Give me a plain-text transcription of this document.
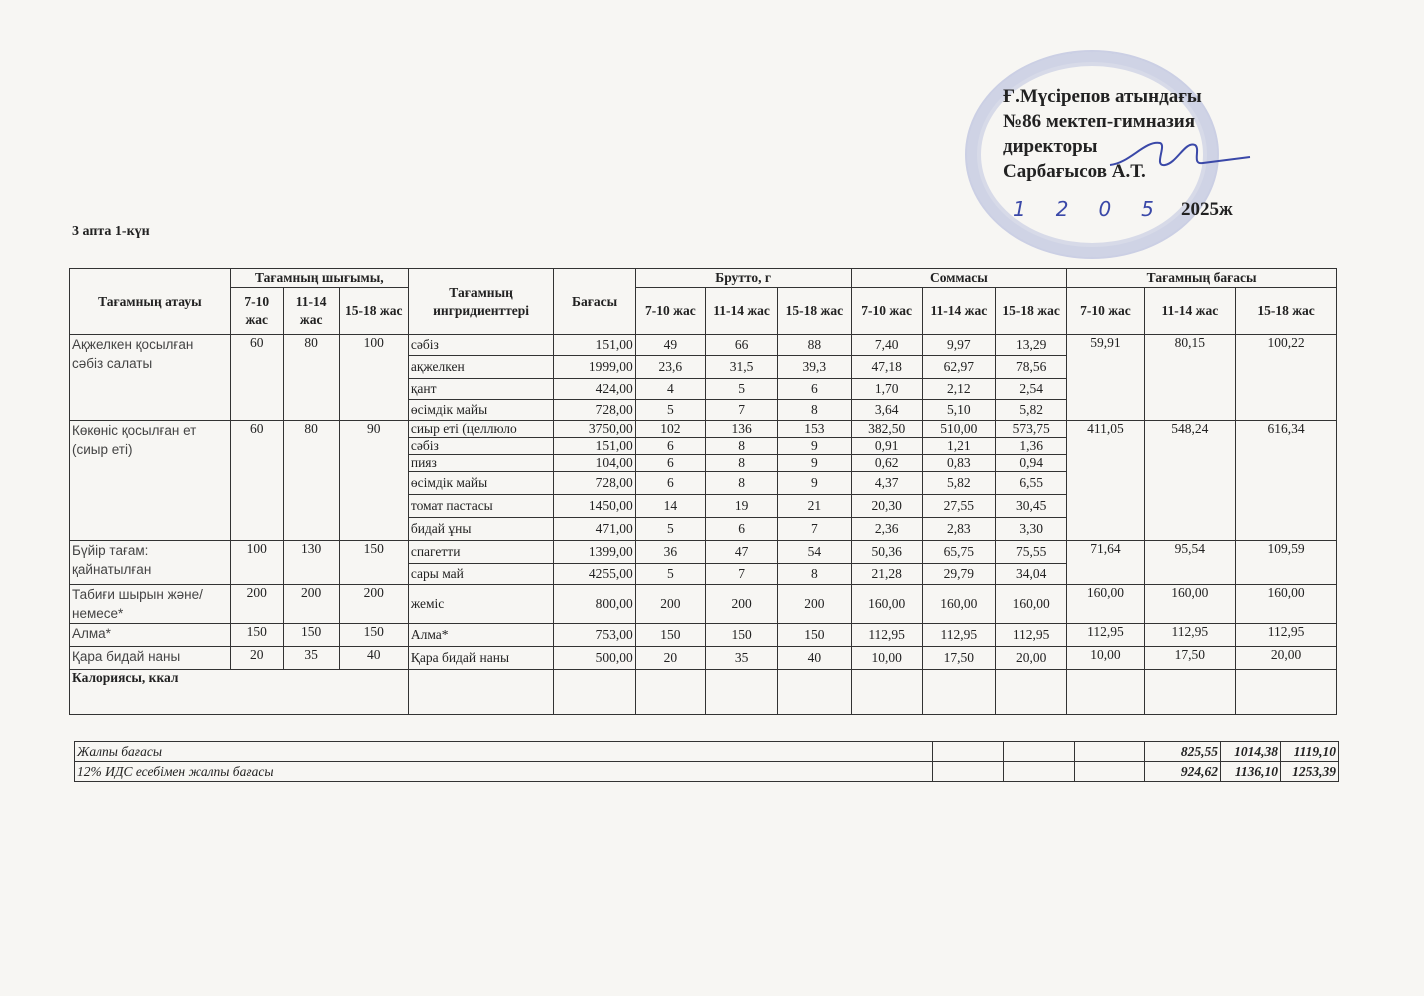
Ғ.Мүсірепов атындағы
№86 мектеп-гимназия
директоры
Сарбағысов А.Т.
1205
2025ж
3 апта 1-күн
Тағамның атауы	Тағамның шығымы,			Тағамның ингридиенттері	Бағасы	Брутто, г			Соммасы			Тағамның бағасы		
	7-10 жас	11-14 жас	15-18 жас			7-10 жас	11-14 жас	15-18 жас	7-10 жас	11-14 жас	15-18 жас	7-10 жас	11-14 жас	15-18 жас
Ақжелкен қосылған сәбіз салаты	60	80	100	сәбіз	151,00	49	66	88	7,40	9,97	13,29	59,91	80,15	100,22
				ақжелкен	1999,00	23,6	31,5	39,3	47,18	62,97	78,56			
				қант	424,00	4	5	6	1,70	2,12	2,54			
				өсімдік майы	728,00	5	7	8	3,64	5,10	5,82			
Көкөніс қосылған ет (сиыр еті)	60	80	90	сиыр еті (целлюло	3750,00	102	136	153	382,50	510,00	573,75	411,05	548,24	616,34
				сәбіз	151,00	6	8	9	0,91	1,21	1,36			
				пияз	104,00	6	8	9	0,62	0,83	0,94			
				өсімдік майы	728,00	6	8	9	4,37	5,82	6,55			
				томат пастасы	1450,00	14	19	21	20,30	27,55	30,45			
				бидай ұны	471,00	5	6	7	2,36	2,83	3,30			
Бүйір тағам: қайнатылған	100	130	150	спагетти	1399,00	36	47	54	50,36	65,75	75,55	71,64	95,54	109,59
				сары май	4255,00	5	7	8	21,28	29,79	34,04			
Табиғи шырын және/немесе*	200	200	200	жеміс	800,00	200	200	200	160,00	160,00	160,00	160,00	160,00	160,00
Алма*	150	150	150	Алма*	753,00	150	150	150	112,95	112,95	112,95	112,95	112,95	112,95
Қара бидай наны	20	35	40	Қара бидай наны	500,00	20	35	40	10,00	17,50	20,00	10,00	17,50	20,00
Калориясы, ккал														
Жалпы бағасы				825,55	1014,38	1119,10
12% ИДС есебімен жалпы бағасы				924,62	1136,10	1253,39
